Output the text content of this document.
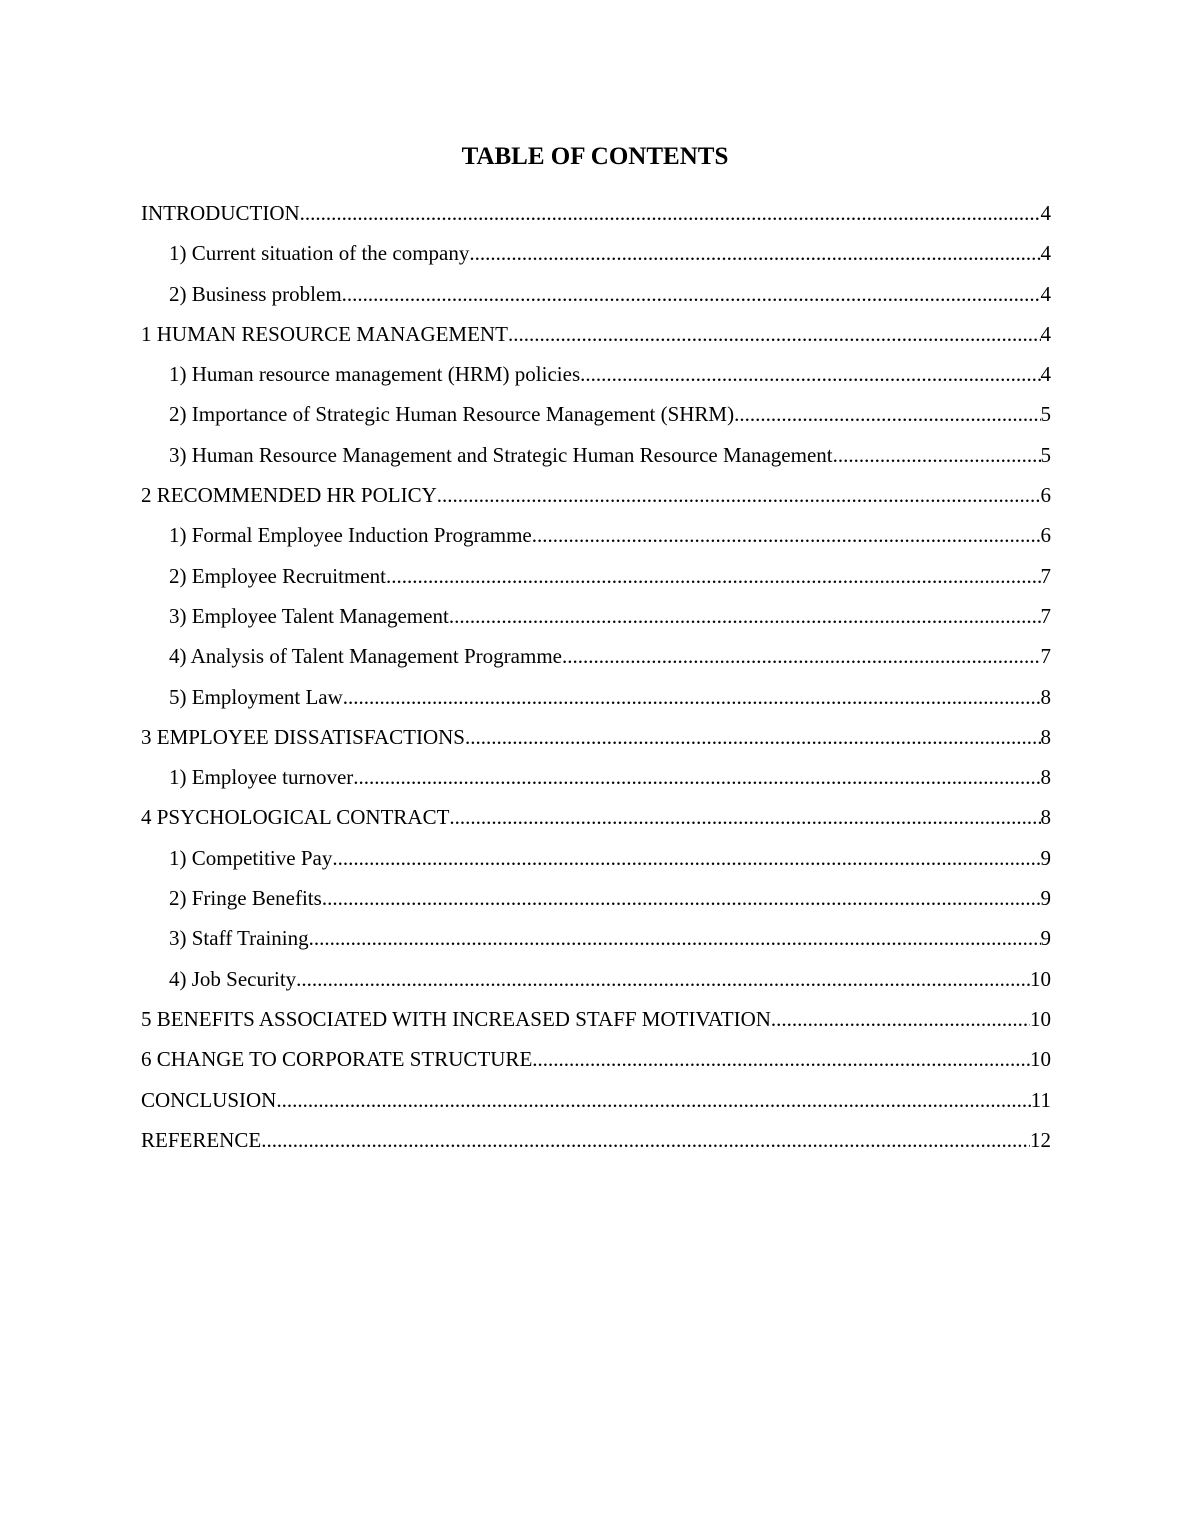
TABLE OF CONTENTS
INTRODUCTION .....	4
1) Current situation of the company .....	4
2) Business problem .....	4
1 HUMAN RESOURCE MANAGEMENT .....	4
1) Human resource management (HRM) policies .....	4
2) Importance of Strategic Human Resource Management (SHRM) .....	5
3) Human Resource Management and Strategic Human Resource Management .....	5
2 RECOMMENDED HR POLICY .....	6
1) Formal Employee Induction Programme .....	6
2) Employee Recruitment .....	7
3) Employee Talent Management .....	7
4) Analysis of Talent Management Programme .....	7
5) Employment Law .....	8
3 EMPLOYEE DISSATISFACTIONS .....	8
1) Employee turnover .....	8
4 PSYCHOLOGICAL CONTRACT .....	8
1) Competitive Pay .....	9
2) Fringe Benefits .....	9
3) Staff Training .....	9
4) Job Security .....	10
5 BENEFITS ASSOCIATED WITH INCREASED STAFF MOTIVATION .....	10
6 CHANGE TO CORPORATE STRUCTURE .....	10
CONCLUSION .....	11
REFERENCE .....	12
